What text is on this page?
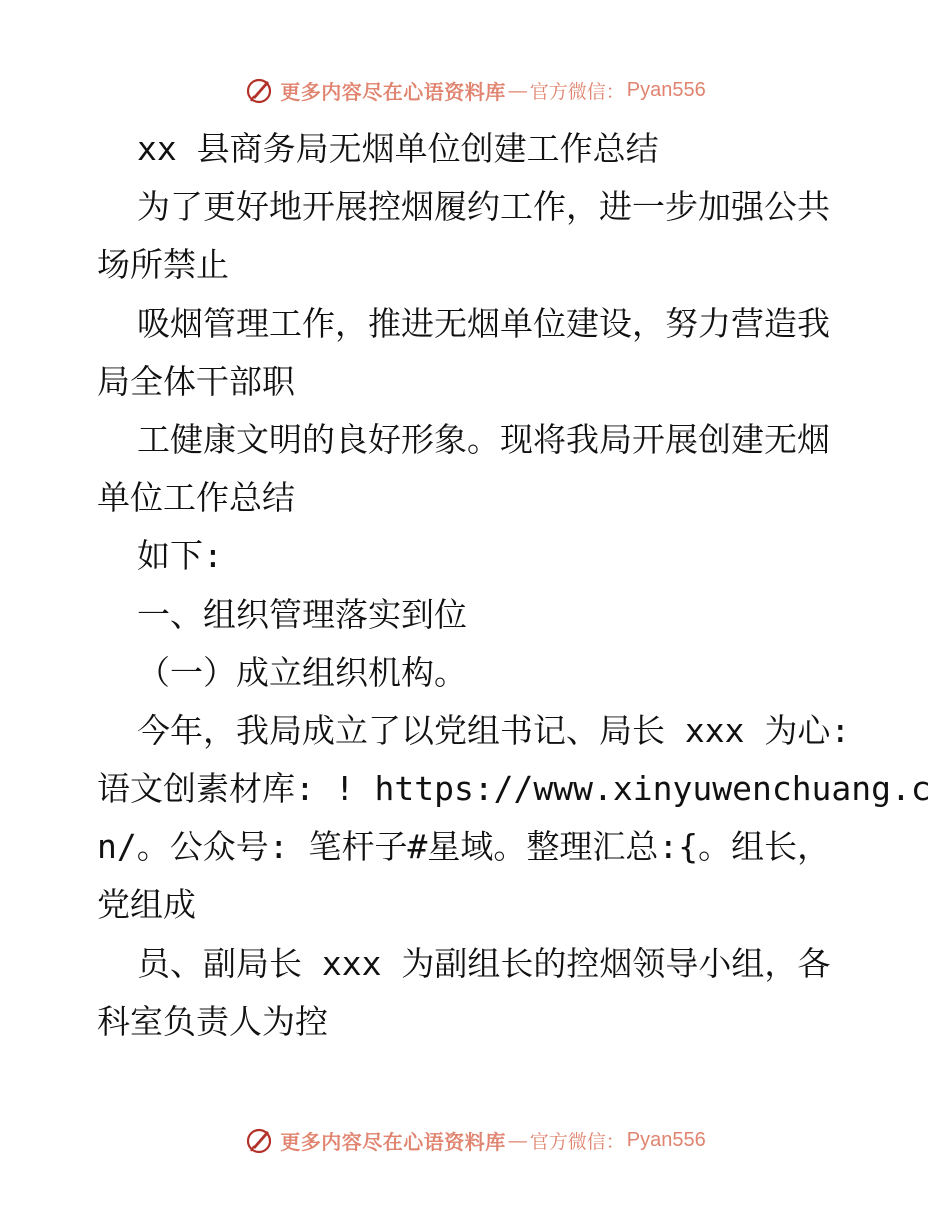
更多内容尽在心语资料库 — 官方微信： Pyan556
xx 县商务局无烟单位创建工作总结
为了更好地开展控烟履约工作，进一步加强公共
场所禁止
吸烟管理工作，推进无烟单位建设，努力营造我
局全体干部职
工健康文明的良好形象。现将我局开展创建无烟
单位工作总结
如下:
一、组织管理落实到位
（一）成立组织机构。
今年，我局成立了以党组书记、局长 xxx 为心:
语文创素材库: ! https://www.xinyuwenchuang.c
n/。公众号: 笔杆子#星域。整理汇总:{。组长，
党组成
员、副局长 xxx 为副组长的控烟领导小组，各
科室负责人为控
更多内容尽在心语资料库 — 官方微信： Pyan556
